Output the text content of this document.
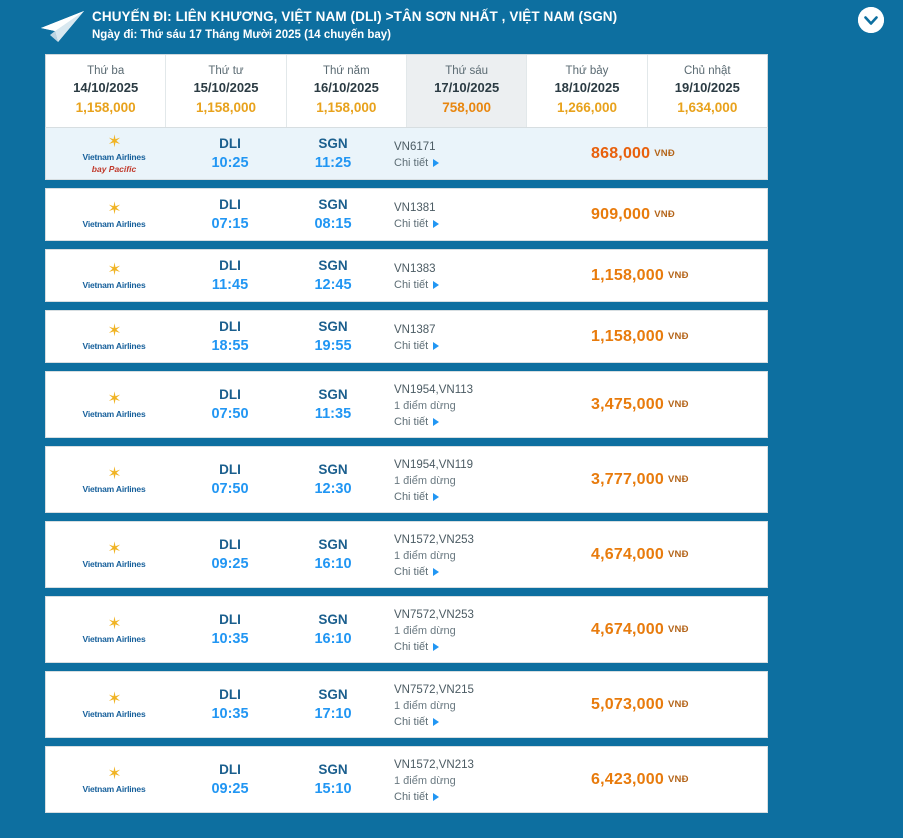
CHUYẾN ĐI: LIÊN KHƯƠNG, VIỆT NAM (DLI) >TÂN SƠN NHẤT , VIỆT NAM (SGN)
Ngày đi: Thứ sáu 17 Tháng Mười 2025 (14 chuyến bay)
Thứ ba
14/10/2025
1,158,000
Thứ tư
15/10/2025
1,158,000
Thứ năm
16/10/2025
1,158,000
Thứ sáu
17/10/2025
758,000
Thứ bảy
18/10/2025
1,266,000
Chủ nhật
19/10/2025
1,634,000
✶
Vietnam Airlines
bay Pacific
DLI
10:25
SGN
11:25
VN6171
Chi tiết
868,000 VNĐ
✶
Vietnam Airlines
DLI
07:15
SGN
08:15
VN1381
Chi tiết
909,000 VNĐ
✶
Vietnam Airlines
DLI
11:45
SGN
12:45
VN1383
Chi tiết
1,158,000 VNĐ
✶
Vietnam Airlines
DLI
18:55
SGN
19:55
VN1387
Chi tiết
1,158,000 VNĐ
✶
Vietnam Airlines
DLI
07:50
SGN
11:35
VN1954,VN113
1 điểm dừng
Chi tiết
3,475,000 VNĐ
✶
Vietnam Airlines
DLI
07:50
SGN
12:30
VN1954,VN119
1 điểm dừng
Chi tiết
3,777,000 VNĐ
✶
Vietnam Airlines
DLI
09:25
SGN
16:10
VN1572,VN253
1 điểm dừng
Chi tiết
4,674,000 VNĐ
✶
Vietnam Airlines
DLI
10:35
SGN
16:10
VN7572,VN253
1 điểm dừng
Chi tiết
4,674,000 VNĐ
✶
Vietnam Airlines
DLI
10:35
SGN
17:10
VN7572,VN215
1 điểm dừng
Chi tiết
5,073,000 VNĐ
✶
Vietnam Airlines
DLI
09:25
SGN
15:10
VN1572,VN213
1 điểm dừng
Chi tiết
6,423,000 VNĐ
